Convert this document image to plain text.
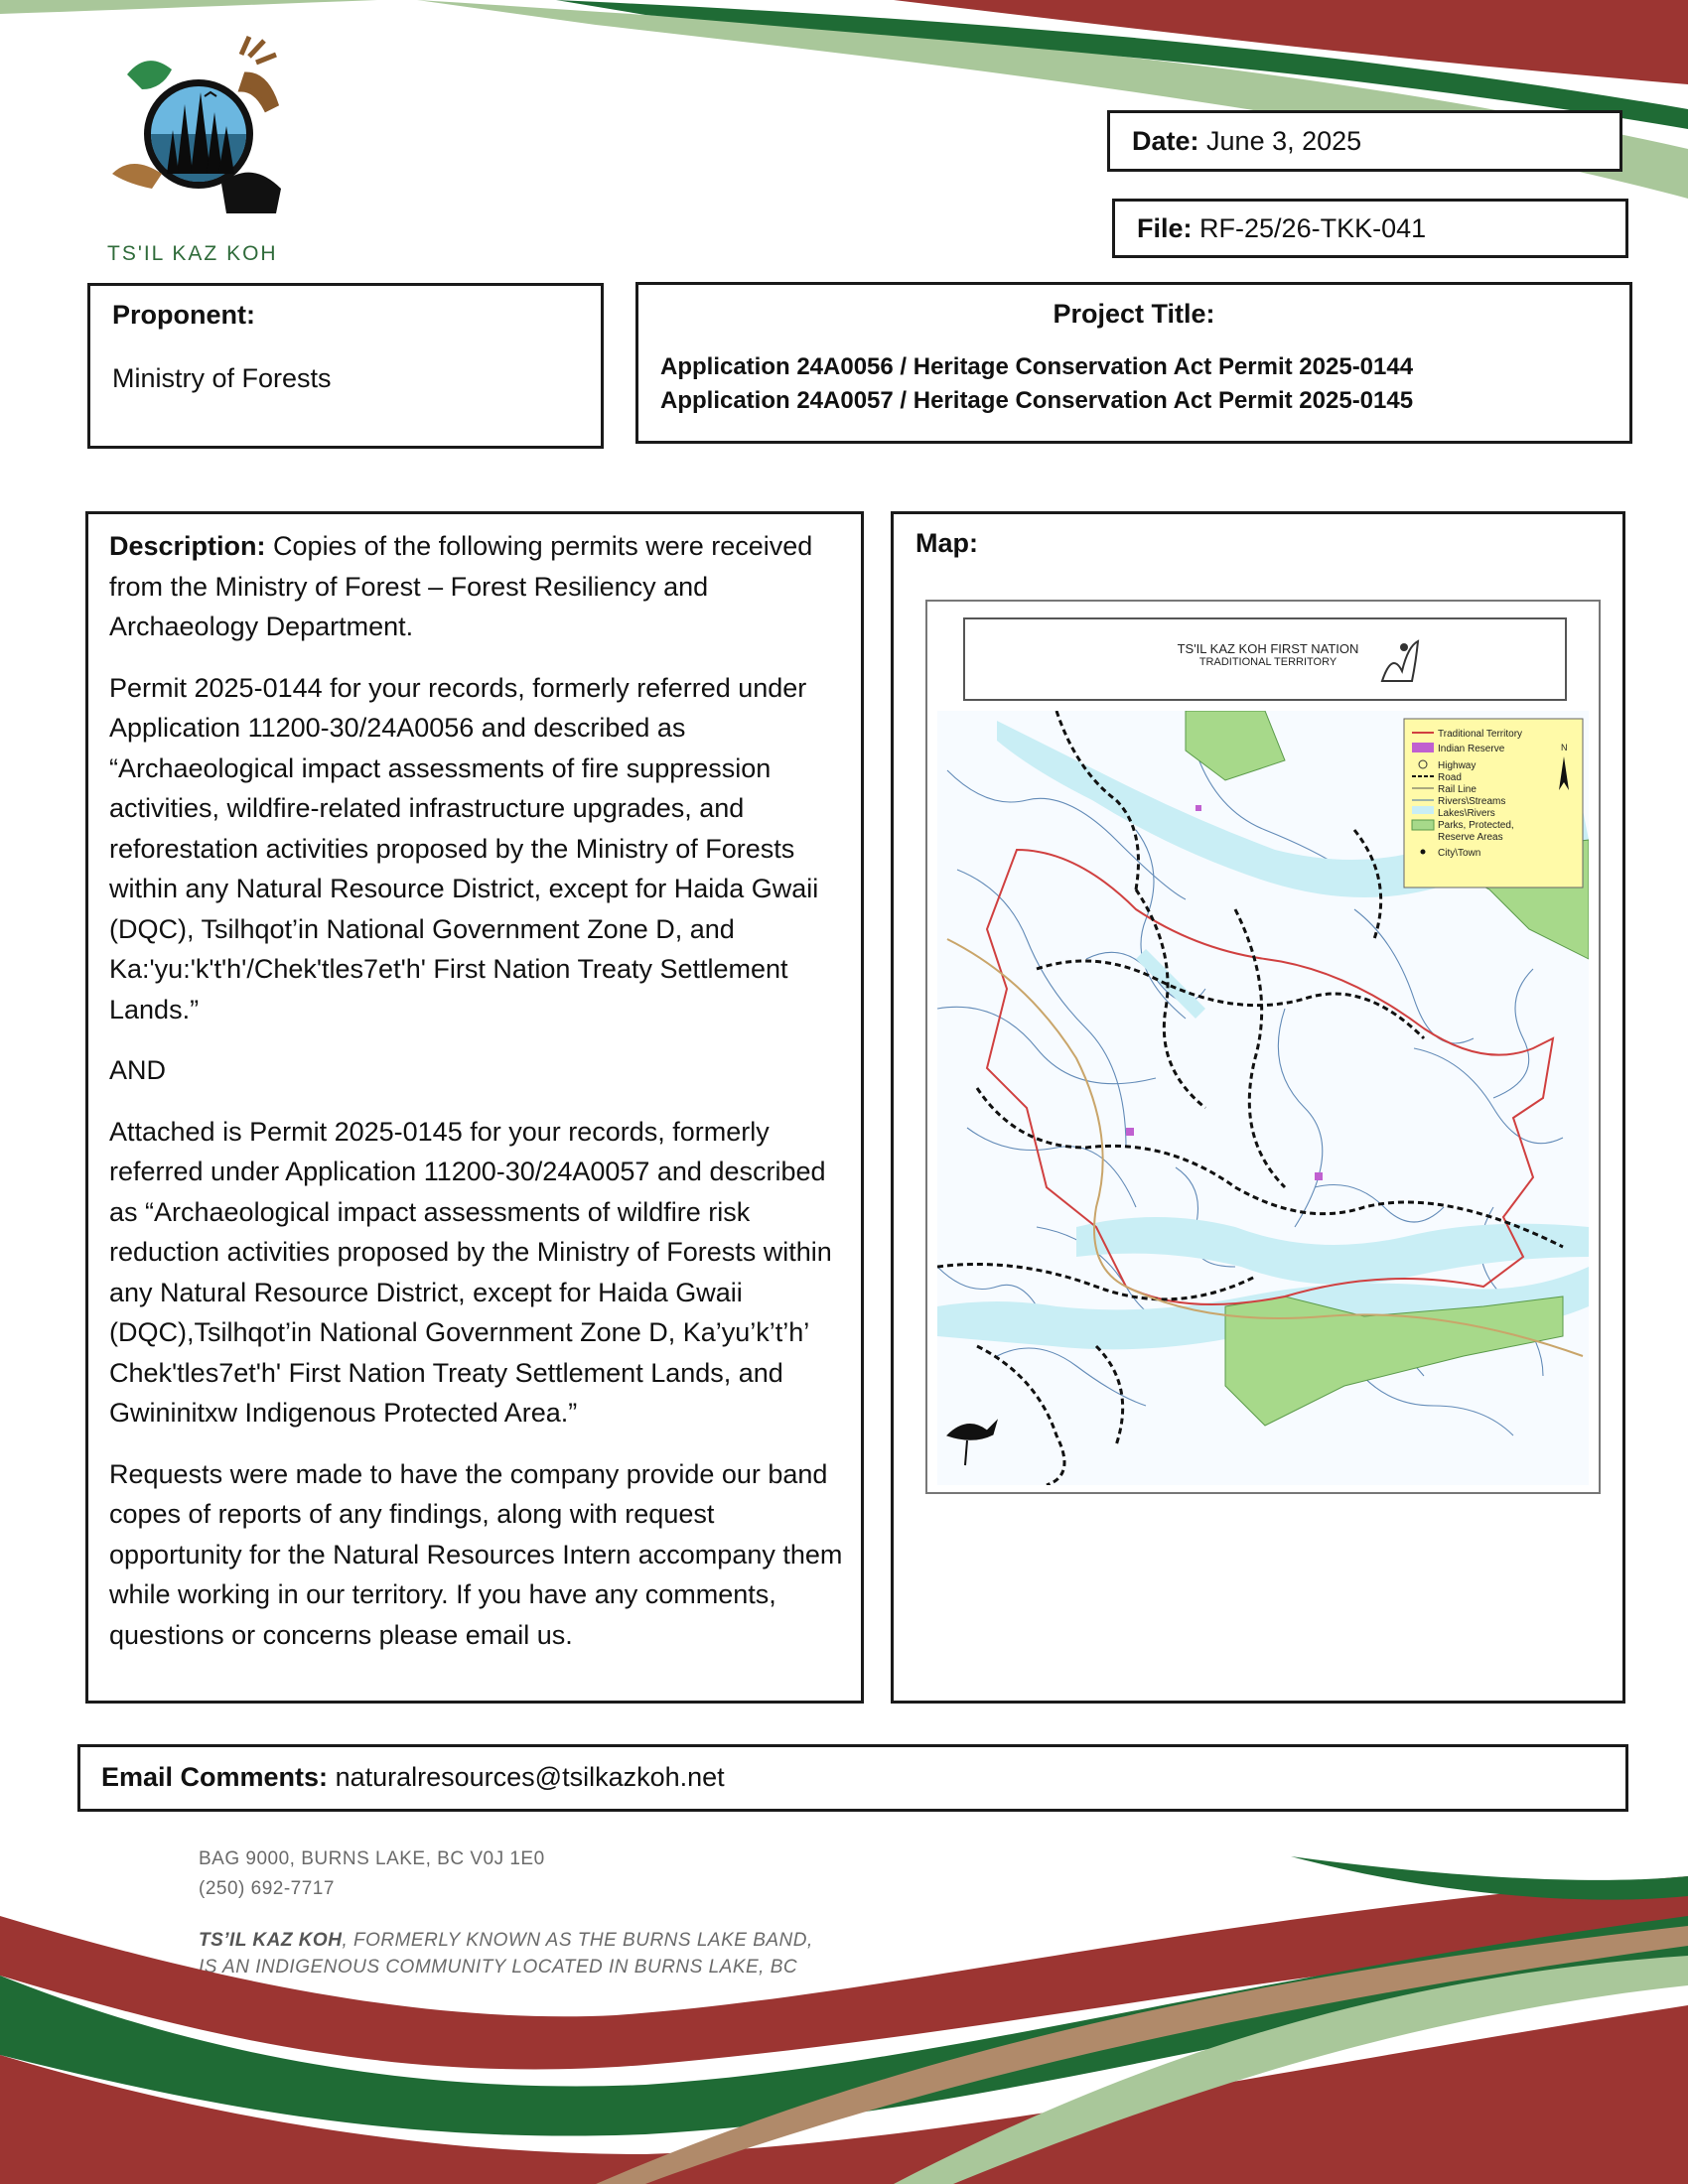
TS'IL KAZ KOH
Date: June 3, 2025
File: RF-25/26-TKK-041
Proponent:
Ministry of Forests
Project Title:
Application 24A0056 / Heritage Conservation Act Permit 2025-0144
Application 24A0057 / Heritage Conservation Act Permit 2025-0145

Description: Copies of the following permits were received from the Ministry of Forest – Forest Resiliency and Archaeology Department.

Permit 2025-0144 for your records, formerly referred under Application 11200-30/24A0056 and described as “Archaeological impact assessments of fire suppression activities, wildfire-related infrastructure upgrades, and reforestation activities proposed by the Ministry of Forests within any Natural Resource District, except for Haida Gwaii (DQC), Tsilhqot’in National Government Zone D, and Ka:'yu:'k't'h'/Chek'tles7et'h' First Nation Treaty Settlement Lands.”

AND

Attached is Permit 2025-0145 for your records, formerly referred under Application 11200-30/24A0057 and described as “Archaeological impact assessments of wildfire risk reduction activities proposed by the Ministry of Forests within any Natural Resource District, except for Haida Gwaii (DQC),Tsilhqot’in National Government Zone D, Ka’yu’k’t’h’ Chek'tles7et'h' First Nation Treaty Settlement Lands, and Gwininitxw Indigenous Protected Area.”

Requests were made to have the company provide our band copes of reports of any findings, along with request opportunity for the Natural Resources Intern accompany them while working in our territory. If you have any comments, questions or concerns please email us.

Map:
TS'IL KAZ KOH FIRST NATION
TRADITIONAL TERRITORY
Traditional Territory
Indian Reserve
Highway
Road
Rail Line
Rivers\Streams
Lakes\Rivers
Parks, Protected,
Reserve Areas
City\Town
N
Email Comments: naturalresources@tsilkazkoh.net
BAG 9000, BURNS LAKE, BC V0J 1E0
(250) 692-7717
TS’IL KAZ KOH, FORMERLY KNOWN AS THE BURNS LAKE BAND,
IS AN INDIGENOUS COMMUNITY LOCATED IN BURNS LAKE, BC
